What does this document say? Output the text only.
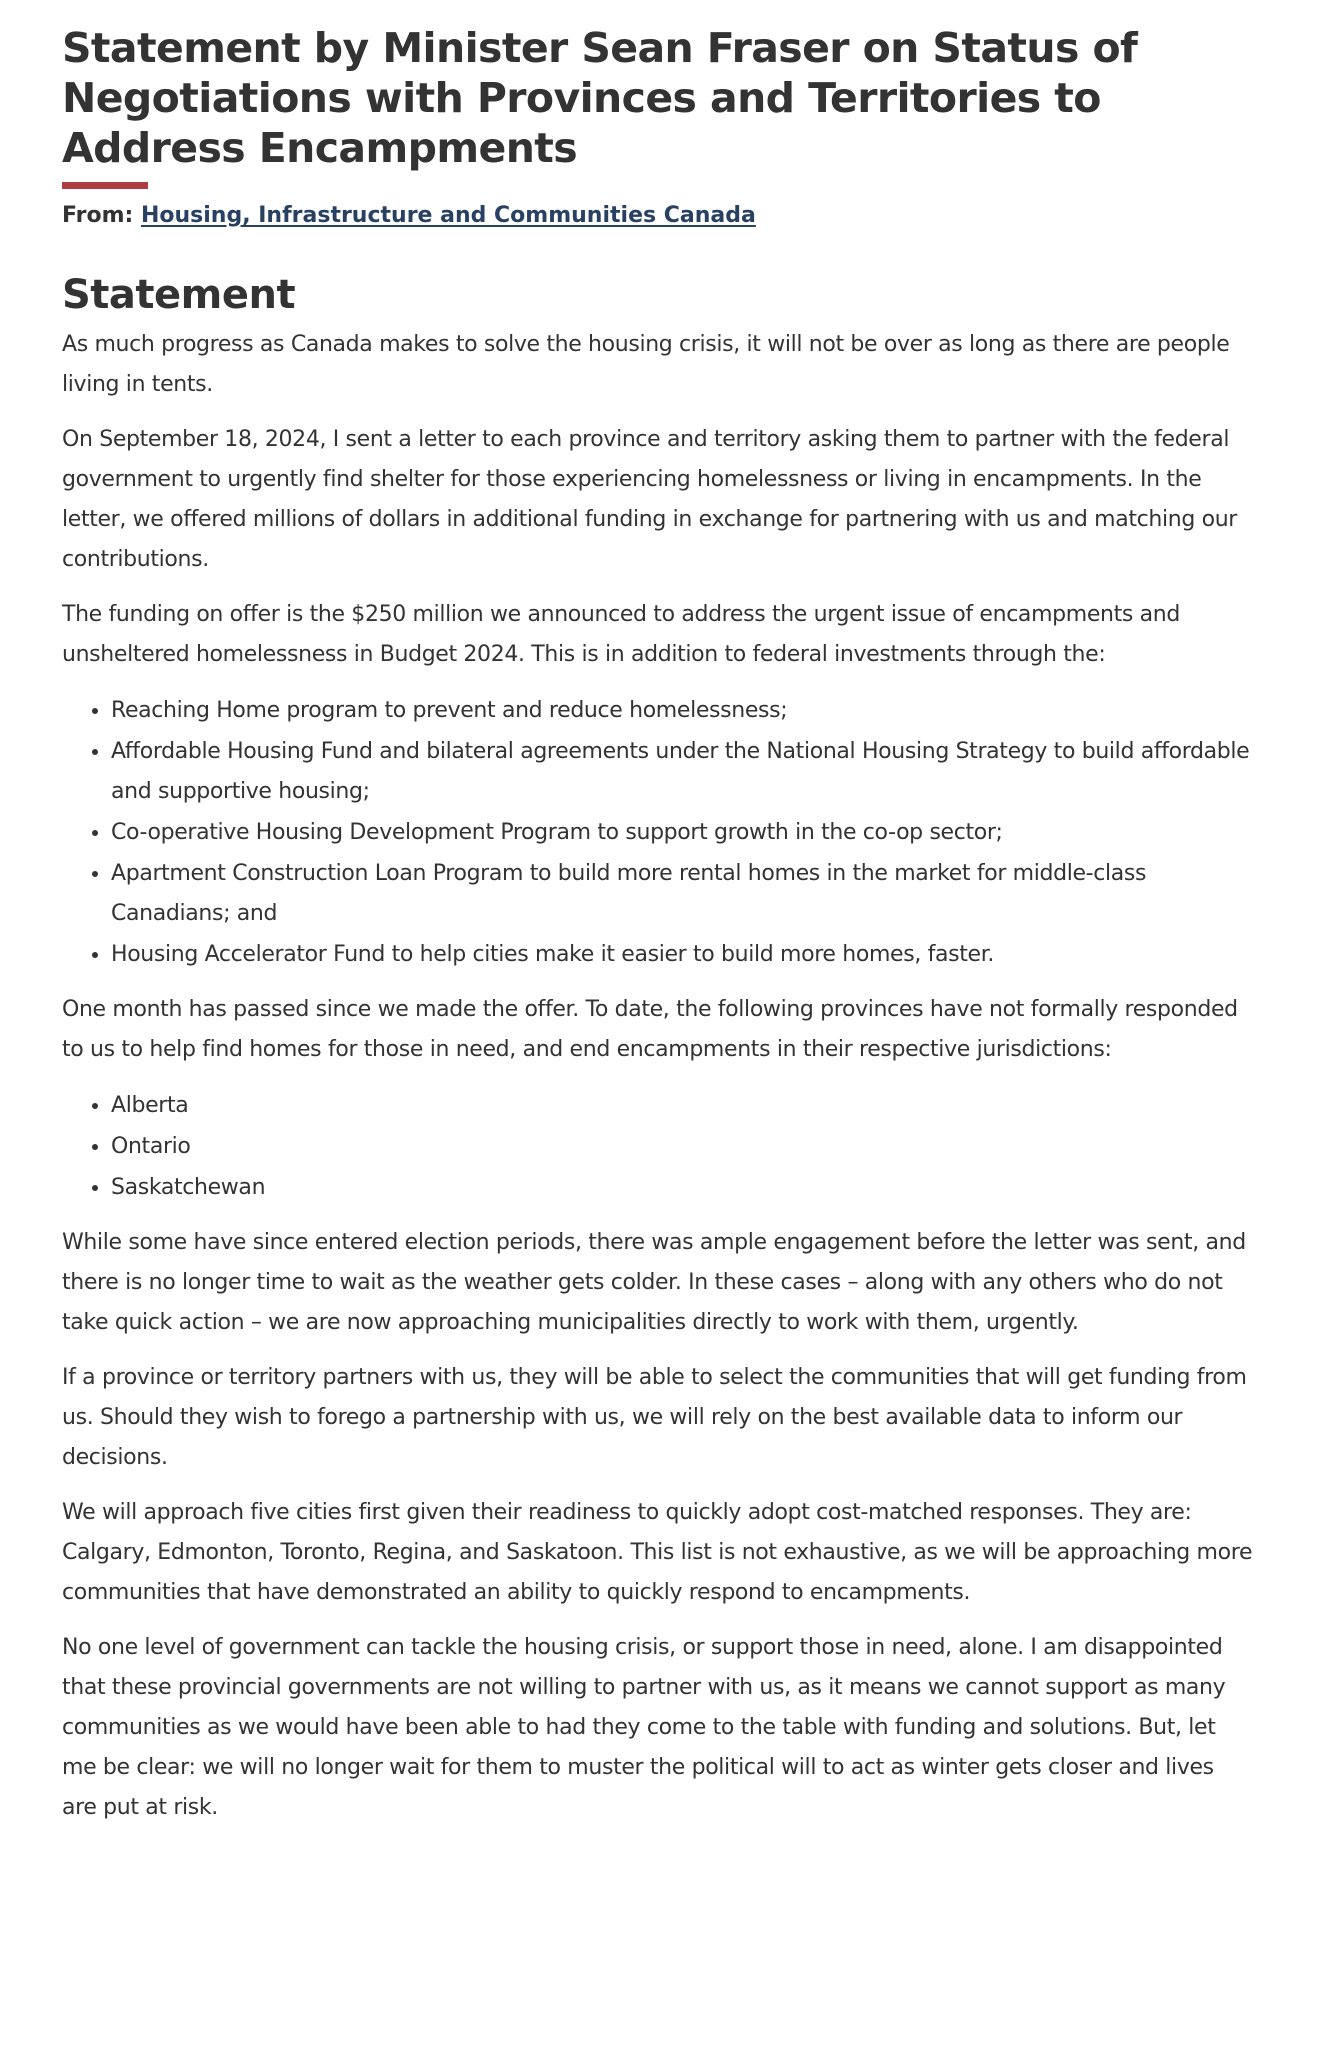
Statement by Minister Sean Fraser on Status of Negotiations with Provinces and Territories to Address Encampments
From: Housing, Infrastructure and Communities Canada
Statement

As much progress as Canada makes to solve the housing crisis, it will not be over as long as there are people living in tents.

On September 18, 2024, I sent a letter to each province and territory asking them to partner with the federal government to urgently find shelter for those experiencing homelessness or living in encampments. In the letter, we offered millions of dollars in additional funding in exchange for partnering with us and matching our contributions.

The funding on offer is the $250 million we announced to address the urgent issue of encampments and unsheltered homelessness in Budget 2024. This is in addition to federal investments through the:

• Reaching Home program to prevent and reduce homelessness;
• Affordable Housing Fund and bilateral agreements under the National Housing Strategy to build affordable and supportive housing;
• Co-operative Housing Development Program to support growth in the co-op sector;
• Apartment Construction Loan Program to build more rental homes in the market for middle-class Canadians; and
• Housing Accelerator Fund to help cities make it easier to build more homes, faster.

One month has passed since we made the offer. To date, the following provinces have not formally responded to us to help find homes for those in need, and end encampments in their respective jurisdictions:

• Alberta
• Ontario
• Saskatchewan

While some have since entered election periods, there was ample engagement before the letter was sent, and there is no longer time to wait as the weather gets colder. In these cases – along with any others who do not take quick action – we are now approaching municipalities directly to work with them, urgently.

If a province or territory partners with us, they will be able to select the communities that will get funding from us. Should they wish to forego a partnership with us, we will rely on the best available data to inform our decisions.

We will approach five cities first given their readiness to quickly adopt cost-matched responses. They are: Calgary, Edmonton, Toronto, Regina, and Saskatoon. This list is not exhaustive, as we will be approaching more communities that have demonstrated an ability to quickly respond to encampments.

No one level of government can tackle the housing crisis, or support those in need, alone. I am disappointed that these provincial governments are not willing to partner with us, as it means we cannot support as many communities as we would have been able to had they come to the table with funding and solutions. But, let me be clear: we will no longer wait for them to muster the political will to act as winter gets closer and lives are put at risk.
